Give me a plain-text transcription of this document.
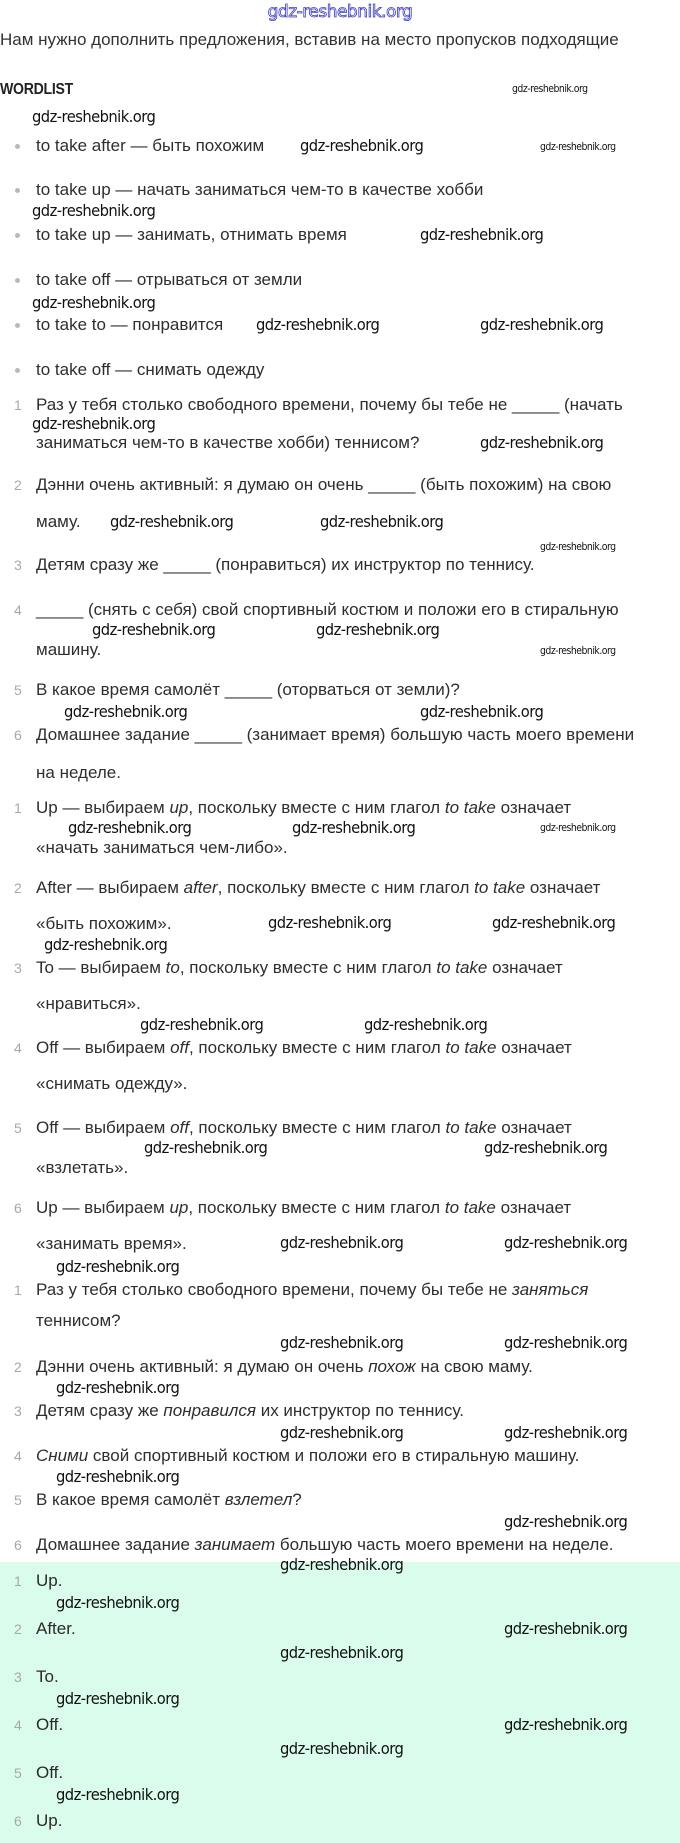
gdz-reshebnik.org
Нам нужно дополнить предложения, вставив на место пропусков подходящие
WORDLIST
to take after — быть похожим
to take up — начать заниматься чем-то в качестве хобби
to take up — занимать, отнимать время
to take off — отрываться от земли
to take to — понравится
to take off — снимать одежду
1 Раз у тебя столько свободного времени, почему бы тебе не _____ (начать
заниматься чем-то в качестве хобби) теннисом?
2 Дэнни очень активный: я думаю он очень _____ (быть похожим) на свою
маму.
3 Детям сразу же _____ (понравиться) их инструктор по теннису.
4 _____ (снять с себя) свой спортивный костюм и положи его в стиральную
машину.
5 В какое время самолёт _____ (оторваться от земли)?
6 Домашнее задание _____ (занимает время) большую часть моего времени
на неделе.
1 Up — выбираем up, поскольку вместе с ним глагол to take означает
«начать заниматься чем-либо».
2 After — выбираем after, поскольку вместе с ним глагол to take означает
«быть похожим».
3 To — выбираем to, поскольку вместе с ним глагол to take означает
«нравиться».
4 Off — выбираем off, поскольку вместе с ним глагол to take означает
«снимать одежду».
5 Off — выбираем off, поскольку вместе с ним глагол to take означает
«взлетать».
6 Up — выбираем up, поскольку вместе с ним глагол to take означает
«занимать время».
1 Раз у тебя столько свободного времени, почему бы тебе не заняться
теннисом?
2 Дэнни очень активный: я думаю он очень похож на свою маму.
3 Детям сразу же понравился их инструктор по теннису.
4 Сними свой спортивный костюм и положи его в стиральную машину.
5 В какое время самолёт взлетел?
6 Домашнее задание занимает большую часть моего времени на неделе.
1 Up.
2 After.
3 To.
4 Off.
5 Off.
6 Up.
gdz-reshebnik.org
gdz-reshebnik.org
gdz-reshebnik.org	gdz-reshebnik.org
gdz-reshebnik.org
gdz-reshebnik.org
gdz-reshebnik.org
gdz-reshebnik.org	gdz-reshebnik.org
gdz-reshebnik.org
gdz-reshebnik.org
gdz-reshebnik.org	gdz-reshebnik.org
gdz-reshebnik.org
gdz-reshebnik.org	gdz-reshebnik.org
gdz-reshebnik.org
gdz-reshebnik.org	gdz-reshebnik.org
gdz-reshebnik.org
gdz-reshebnik.org	gdz-reshebnik.org
gdz-reshebnik.org	gdz-reshebnik.org
gdz-reshebnik.org
gdz-reshebnik.org
gdz-reshebnik.org
gdz-reshebnik.org	gdz-reshebnik.org
gdz-reshebnik.org	gdz-reshebnik.org
gdz-reshebnik.org
gdz-reshebnik.org	gdz-reshebnik.org
gdz-reshebnik.org
gdz-reshebnik.org	gdz-reshebnik.org
gdz-reshebnik.org
gdz-reshebnik.org
gdz-reshebnik.org
gdz-reshebnik.org
gdz-reshebnik.org
gdz-reshebnik.org
gdz-reshebnik.org
gdz-reshebnik.org
gdz-reshebnik.org
gdz-reshebnik.org
